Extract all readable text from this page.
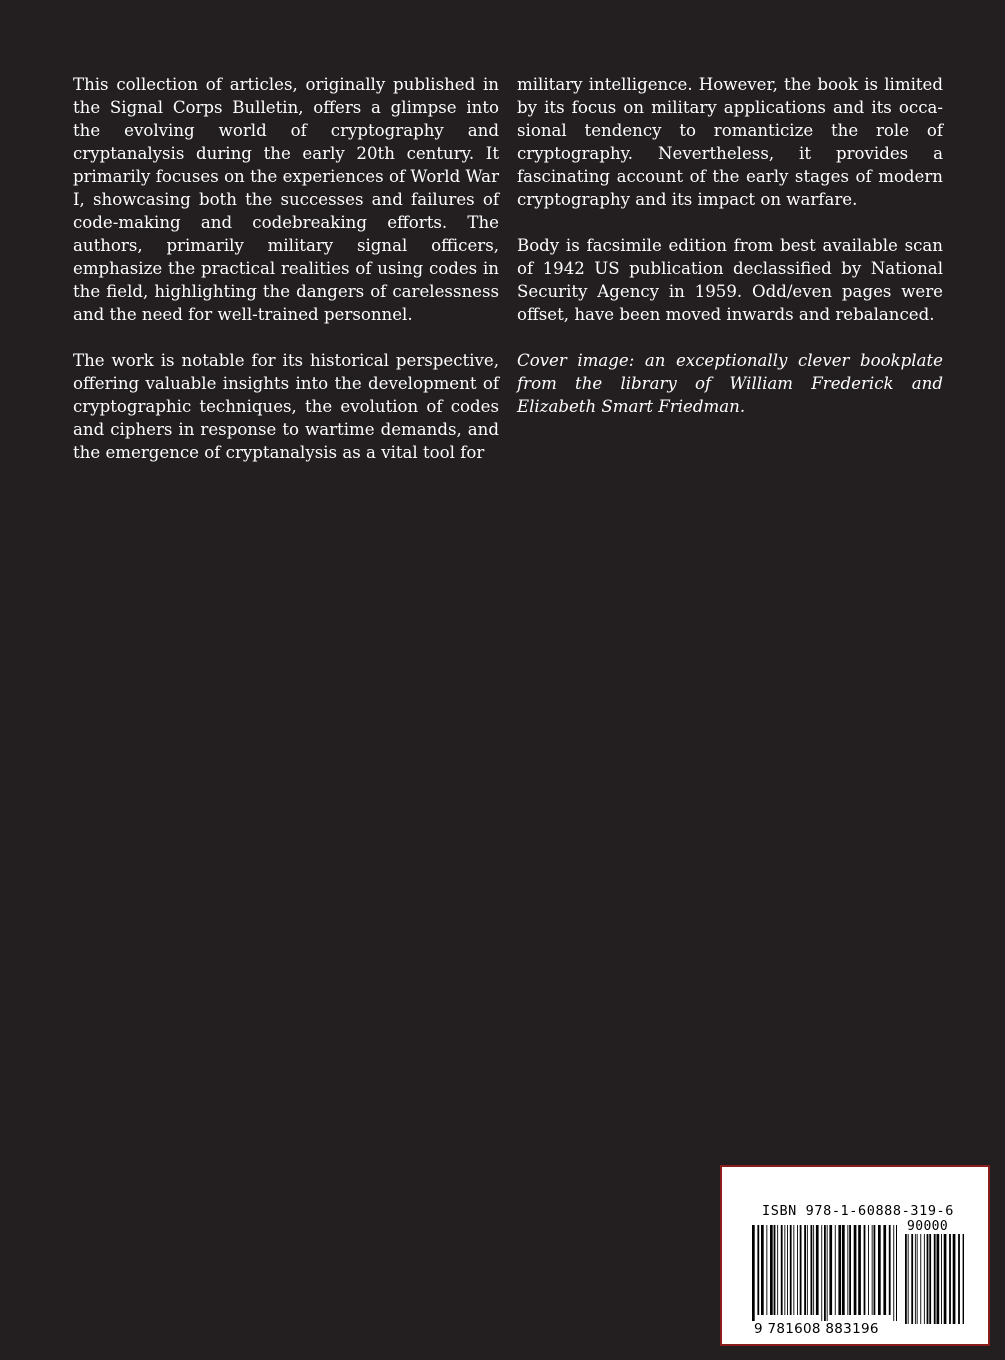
This collection of articles, originally published in the Signal Corps Bulletin, offers a glimpse into the evolving world of cryptography and cryptanalysis during the early 20th century. It primarily focuses on the experiences of World War I, showcasing both the successes and failures of code-making and codebreaking efforts. The authors, primarily military signal officers, emphasize the practical realities of using codes in the field, highlighting the dangers of carelessness and the need for well-trained personnel.

The work is notable for its historical perspective, offering valuable insights into the development of cryptographic techniques, the evolution of codes and ciphers in response to wartime demands, and the emergence of cryptanalysis as a vital tool for

military intelligence. However, the book is limited by its focus on military applications and its occasional tendency to romanticize the role of cryptography. Nevertheless, it provides a fascinating account of the early stages of modern cryptography and its impact on warfare.

Body is facsimile edition from best available scan of 1942 US publication declassified by National Security Agency in 1959. Odd/even pages were offset, have been moved inwards and rebalanced.

Cover image: an exceptionally clever bookplate from the library of William Frederick and Elizabeth Smart Friedman.

ISBN 978-1-60888-319-6
90000
9 781608 883196
